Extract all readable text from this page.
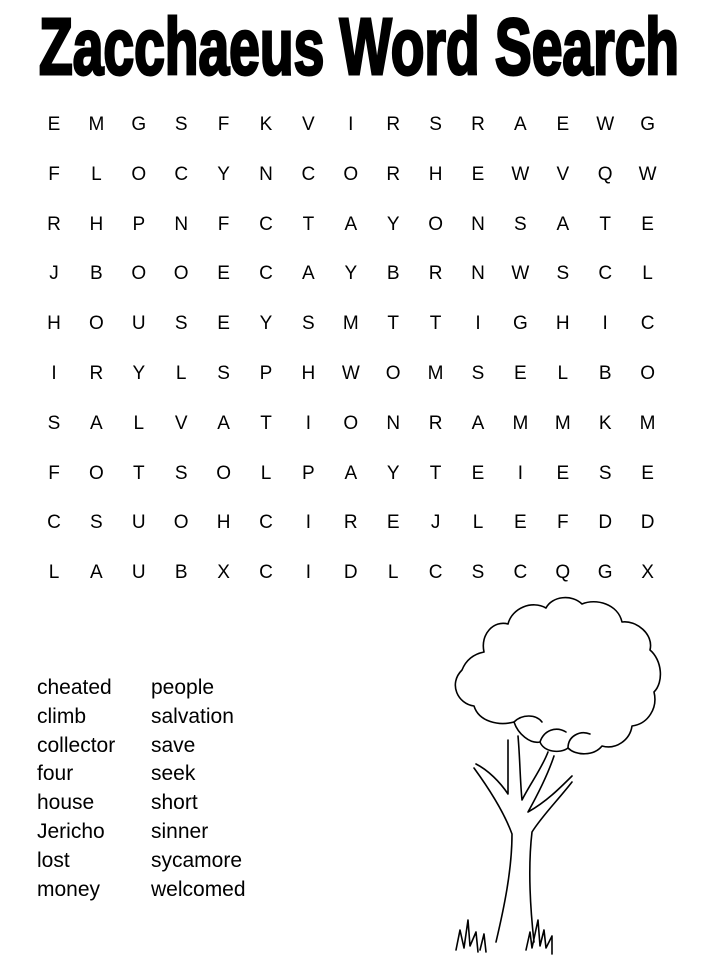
Zacchaeus Word Search
E	M	G	S	F	K	V	I	R	S	R	A	E	W	G
F	L	O	C	Y	N	C	O	R	H	E	W	V	Q	W
R	H	P	N	F	C	T	A	Y	O	N	S	A	T	E
J	B	O	O	E	C	A	Y	B	R	N	W	S	C	L
H	O	U	S	E	Y	S	M	T	T	I	G	H	I	C
I	R	Y	L	S	P	H	W	O	M	S	E	L	B	O
S	A	L	V	A	T	I	O	N	R	A	M	M	K	M
F	O	T	S	O	L	P	A	Y	T	E	I	E	S	E
C	S	U	O	H	C	I	R	E	J	L	E	F	D	D
L	A	U	B	X	C	I	D	L	C	S	C	Q	G	X
cheated
climb
collector
four
house
Jericho
lost
money
people
salvation
save
seek
short
sinner
sycamore
welcomed
